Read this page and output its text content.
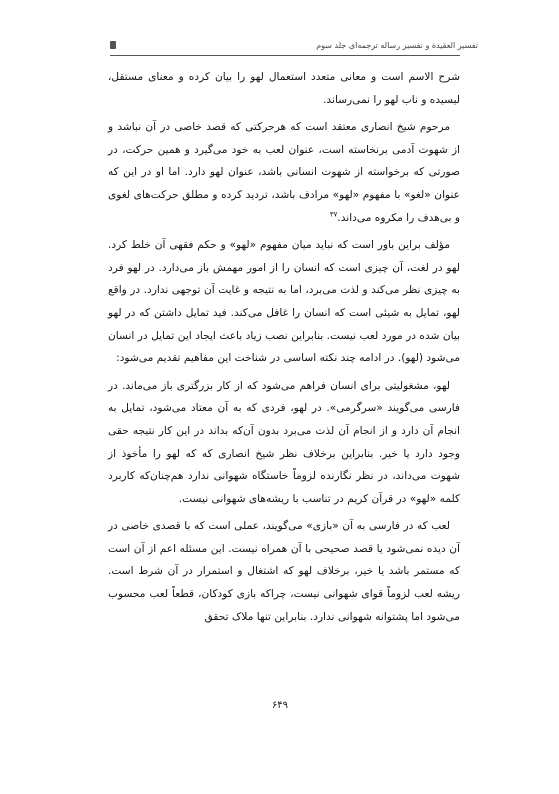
تفسیر العقیدة و نفسیر رساله ترجمه‌ای جلد سوم

شرح الاسم است و معانی متعدد استعمال لهو را بیان کرده و معنای مستقل، لیسیده و ناب لهو را نمی‌رساند.

مرحوم شیخ انصاری معتقد است که هرحرکتی که قصد خاصی در آن نباشد و از شهوت آدمی برنخاسته است، عنوان لعب به خود می‌گیرد و همین حرکت، در صورتی که برخواسته از شهوت انسانی باشد، عنوان لهو دارد. اما او در این که عنوان «لغو» با مفهوم «لهو» مرادف باشد، تردید کرده و مطلق حرکت‌های لغوی و بی‌هدف را مکروه می‌داند.$^{۳۷}$

مؤلف براین باور است که نباید میان مفهوم «لهو» و حکم فقهی آن خلط کرد. لهو در لغت، آن چیزی است که انسان را از امور مهمش باز می‌دارد. در لهو فرد به چیزی نظر می‌کند و لذت می‌برد، اما به نتیجه و غایت آن توجهی ندارد. در واقع لهو، تمایل به شیئی است که انسان را غافل می‌کند. فید تمایل داشتن که در لهو بیان شده در مورد لعب نیست. بنابراین نصب زیاد باعث ایجاد این تمایل در انسان می‌شود (لهو). در ادامه چند نکته اساسی در شناخت این مفاهیم تقدیم می‌شود:

لهو، مشغولیتی برای انسان فراهم می‌شود که از کار بزرگتری باز می‌ماند. در فارسی می‌گویند «سرگرمی». در لهو، فردی که به آن معتاد می‌شود، تمایل به انجام آن دارد و از انجام آن لذت می‌برد بدون آن‌که بداند در این کار نتیجه حقی وجود دارد یا خیر. بنابراین برخلاف نظر شیخ انصاری که که لهو را مأخوذ از شهوت می‌داند، در نظر نگارنده لزوماً خاستگاه شهوانی ندارد هم‌چنان‌که کاربرد کلمه «لهو» در قرآن کریم در تناسب با ریشه‌های شهوانی نیست.

لعب که در فارسی به آن «بازی» می‌گویند، عملی است که با قصدی خاصی در آن دیده نمی‌شود یا قصد صحیحی با آن همراه نیست. این مسئله اعم از آن است که مستمر باشد یا خیر، برخلاف لهو که اشتغال و استمرار در آن شرط است. ریشه لعب لزوماً قوای شهوانی نیست، چراکه بازی کودکان، قطعاً لعب محسوب می‌شود اما پشتوانه شهوانی ندارد. بنابراین تنها ملاک تحقق

۶۴۹
